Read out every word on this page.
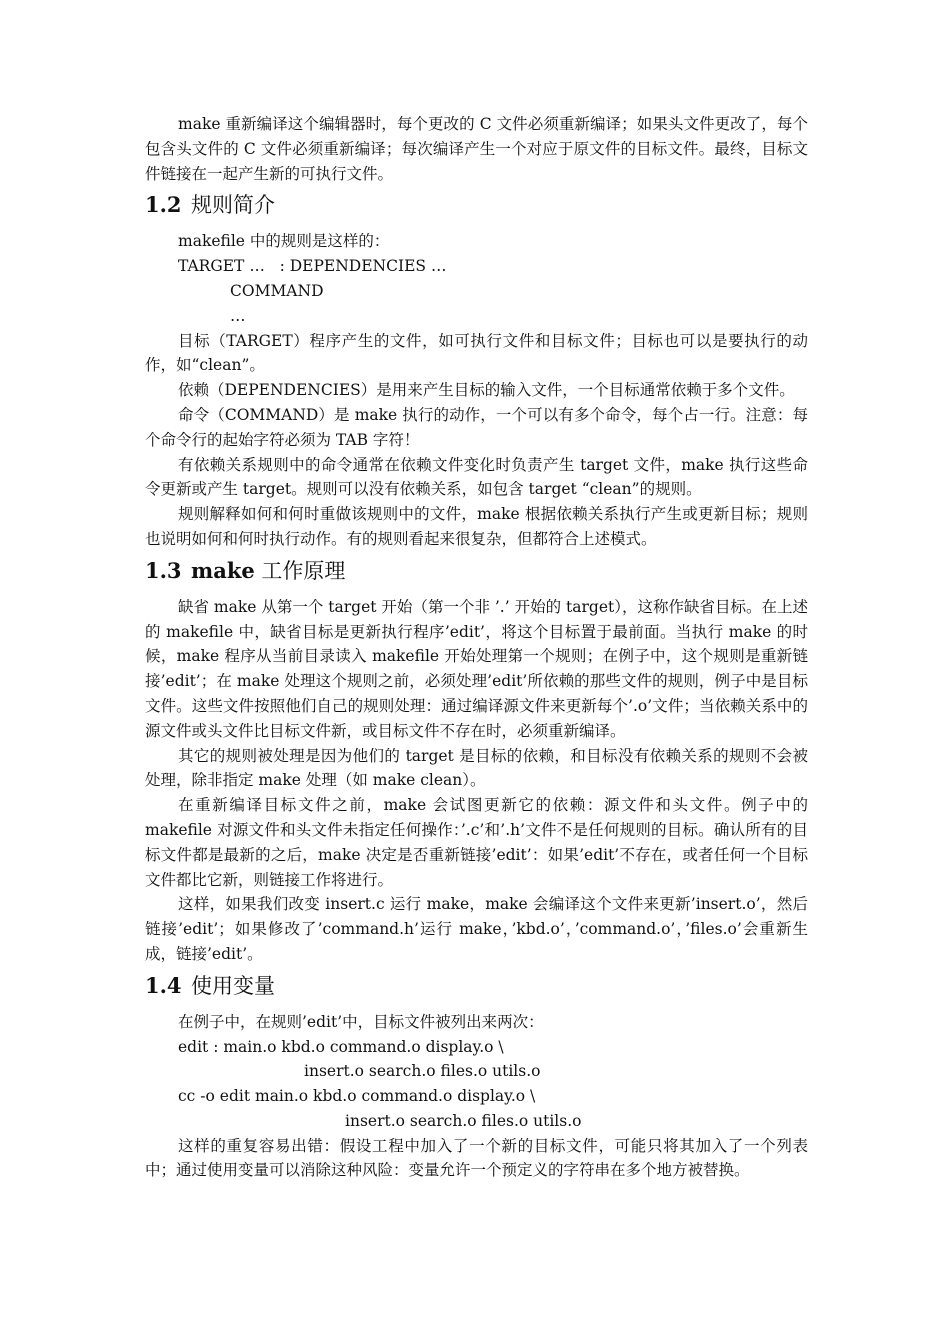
make 重新编译这个编辑器时，每个更改的 C 文件必须重新编译；如果头文件更改了，每个包含头文件的 C 文件必须重新编译；每次编译产生一个对应于原文件的目标文件。最终，目标文件链接在一起产生新的可执行文件。

1.2 规则简介

makefile 中的规则是这样的：

TARGET …   : DEPENDENCIES …

COMMAND

…

目标（TARGET）程序产生的文件，如可执行文件和目标文件；目标也可以是要执行的动作，如“clean”。

依赖（DEPENDENCIES）是用来产生目标的输入文件，一个目标通常依赖于多个文件。

命令（COMMAND）是 make 执行的动作，一个可以有多个命令，每个占一行。注意：每个命令行的起始字符必须为 TAB 字符！

有依赖关系规则中的命令通常在依赖文件变化时负责产生 target 文件，make 执行这些命令更新或产生 target。规则可以没有依赖关系，如包含 target “clean”的规则。

规则解释如何和何时重做该规则中的文件，make 根据依赖关系执行产生或更新目标；规则也说明如何和何时执行动作。有的规则看起来很复杂，但都符合上述模式。

1.3 make 工作原理

缺省 make 从第一个 target 开始（第一个非 ’.’ 开始的 target），这称作缺省目标。在上述的 makefile 中，缺省目标是更新执行程序’edit’，将这个目标置于最前面。当执行 make 的时候，make 程序从当前目录读入 makefile 开始处理第一个规则；在例子中，这个规则是重新链接’edit’；在 make 处理这个规则之前，必须处理’edit’所依赖的那些文件的规则，例子中是目标文件。这些文件按照他们自己的规则处理：通过编译源文件来更新每个’.o’文件；当依赖关系中的源文件或头文件比目标文件新，或目标文件不存在时，必须重新编译。

其它的规则被处理是因为他们的 target 是目标的依赖，和目标没有依赖关系的规则不会被处理，除非指定 make 处理（如 make clean）。

在重新编译目标文件之前，make 会试图更新它的依赖：源文件和头文件。例子中的 makefile 对源文件和头文件未指定任何操作：’.c’和’.h’文件不是任何规则的目标。确认所有的目标文件都是最新的之后，make 决定是否重新链接’edit’：如果’edit’不存在，或者任何一个目标文件都比它新，则链接工作将进行。

这样，如果我们改变 insert.c 运行 make，make 会编译这个文件来更新’insert.o’，然后链接’edit’；如果修改了’command.h’运行 make，’kbd.o’，’command.o’，’files.o’会重新生成，链接’edit’。

1.4 使用变量

在例子中，在规则’edit’中，目标文件被列出来两次：

edit : main.o kbd.o command.o display.o \

insert.o search.o files.o utils.o

cc -o edit main.o kbd.o command.o display.o \

insert.o search.o files.o utils.o

这样的重复容易出错：假设工程中加入了一个新的目标文件，可能只将其加入了一个列表中；通过使用变量可以消除这种风险：变量允许一个预定义的字符串在多个地方被替换。
